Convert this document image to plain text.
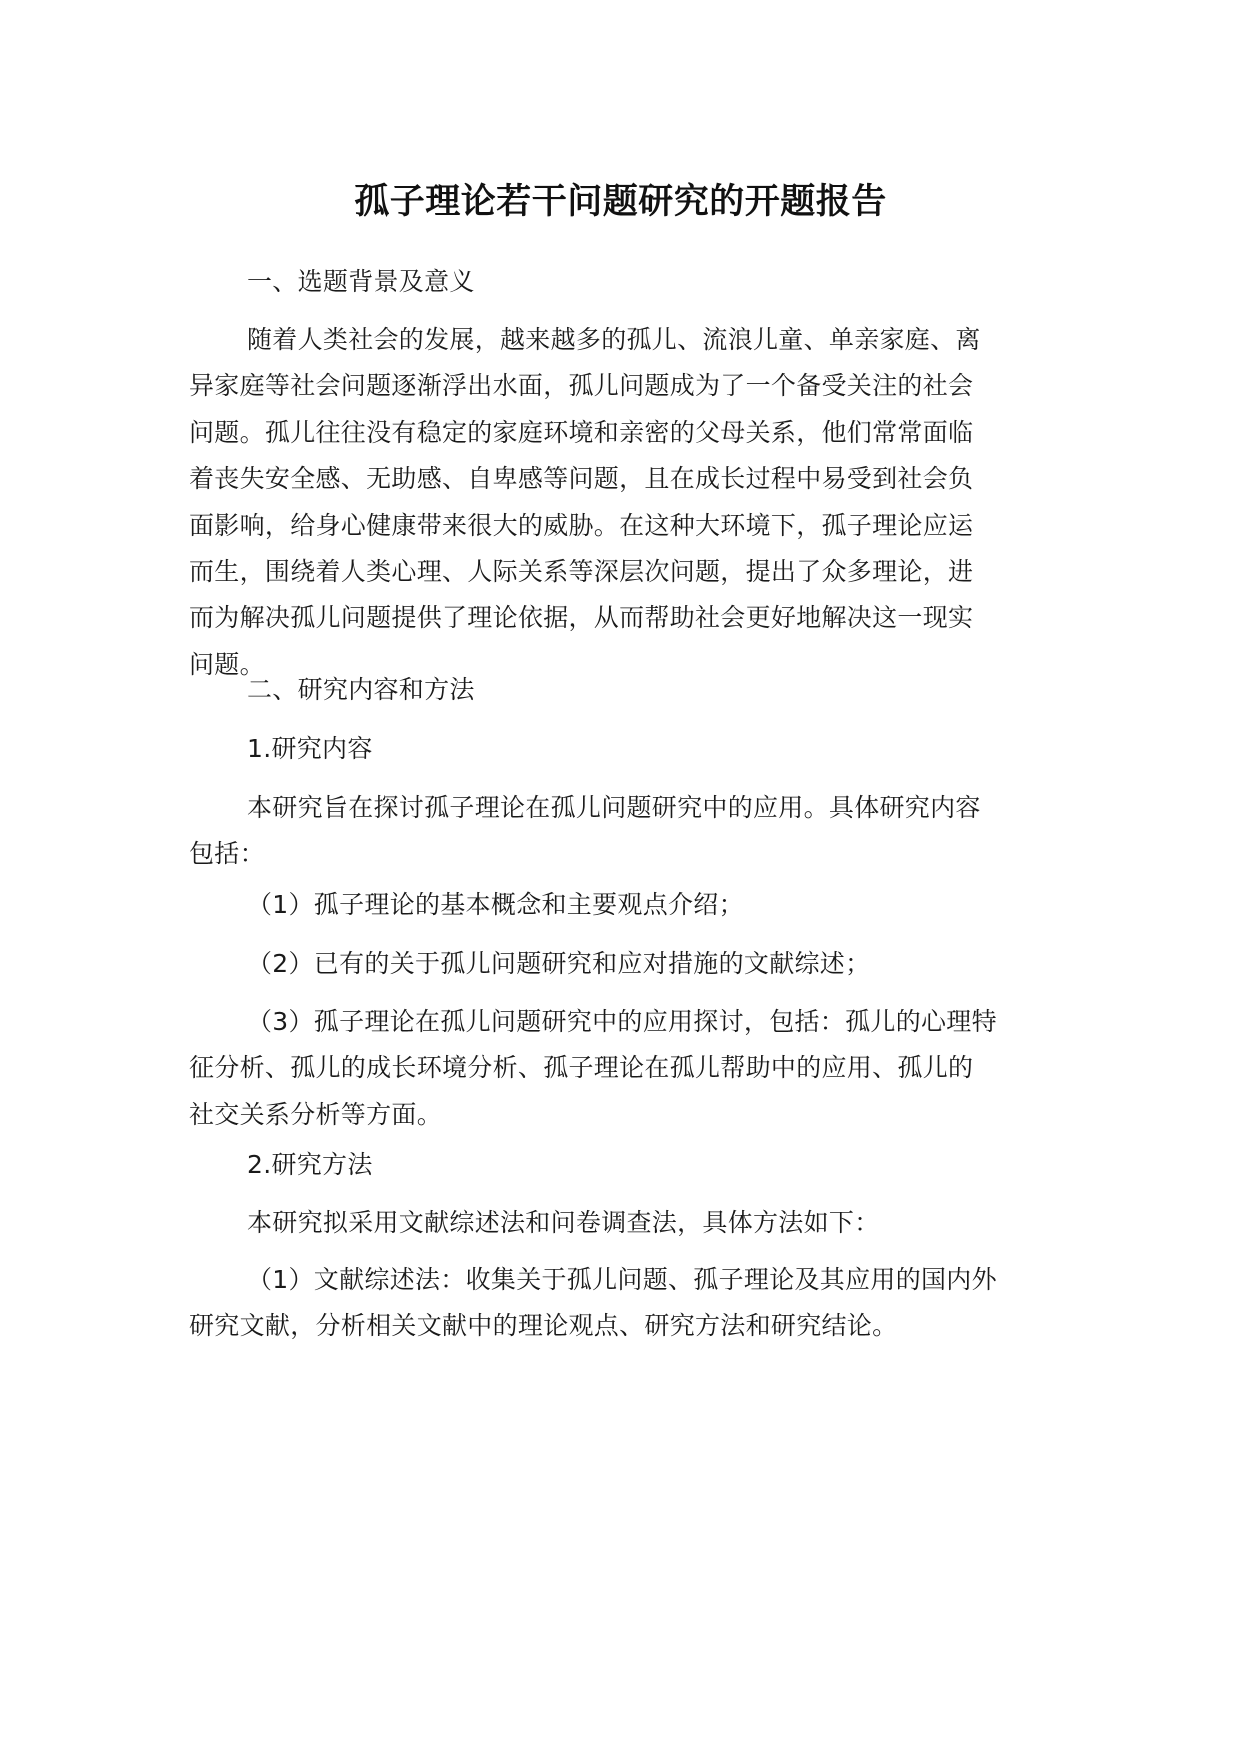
孤子理论若干问题研究的开题报告
一、选题背景及意义
随着人类社会的发展，越来越多的孤儿、流浪儿童、单亲家庭、离
异家庭等社会问题逐渐浮出水面，孤儿问题成为了一个备受关注的社会
问题。孤儿往往没有稳定的家庭环境和亲密的父母关系，他们常常面临
着丧失安全感、无助感、自卑感等问题，且在成长过程中易受到社会负
面影响，给身心健康带来很大的威胁。在这种大环境下，孤子理论应运
而生，围绕着人类心理、人际关系等深层次问题，提出了众多理论，进
而为解决孤儿问题提供了理论依据，从而帮助社会更好地解决这一现实
问题。
二、研究内容和方法
1.研究内容
本研究旨在探讨孤子理论在孤儿问题研究中的应用。具体研究内容
包括：
（1）孤子理论的基本概念和主要观点介绍；
（2）已有的关于孤儿问题研究和应对措施的文献综述；
（3）孤子理论在孤儿问题研究中的应用探讨，包括：孤儿的心理特
征分析、孤儿的成长环境分析、孤子理论在孤儿帮助中的应用、孤儿的
社交关系分析等方面。
2.研究方法
本研究拟采用文献综述法和问卷调查法，具体方法如下：
（1）文献综述法：收集关于孤儿问题、孤子理论及其应用的国内外
研究文献，分析相关文献中的理论观点、研究方法和研究结论。
